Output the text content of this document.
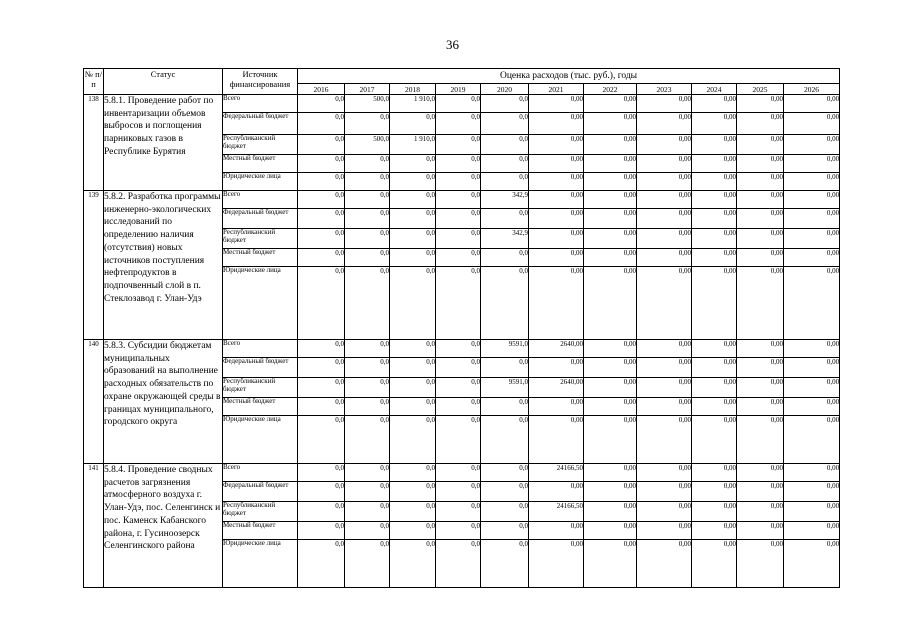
36
№ п/п	Статус	Источник финансирования	Оценка расходов (тыс. руб.), годы										
			2016	2017	2018	2019	2020	2021	2022	2023	2024	2025	2026
138	5.8.1. Проведение работ по инвентаризации объемов выбросов и поглощения парниковых газов в Республике Бурятия	Всего	0,0	500,0	1 910,0	0,0	0,0	0,00	0,00	0,00	0,00	0,00	0,00
		Федеральный бюджет	0,0	0,0	0,0	0,0	0,0	0,00	0,00	0,00	0,00	0,00	0,00
		Республиканский бюджет	0,0	500,0	1 910,0	0,0	0,0	0,00	0,00	0,00	0,00	0,00	0,00
		Местный бюджет	0,0	0,0	0,0	0,0	0,0	0,00	0,00	0,00	0,00	0,00	0,00
		Юридические лица	0,0	0,0	0,0	0,0	0,0	0,00	0,00	0,00	0,00	0,00	0,00
139	5.8.2. Разработка программы инженерно-экологических исследований по определению наличия (отсутствия) новых источников поступления нефтепродуктов в подпочвенный слой в п. Стеклозавод г. Улан-Удэ	Всего	0,0	0,0	0,0	0,0	342,9	0,00	0,00	0,00	0,00	0,00	0,00
		Федеральный бюджет	0,0	0,0	0,0	0,0	0,0	0,00	0,00	0,00	0,00	0,00	0,00
		Республиканский бюджет	0,0	0,0	0,0	0,0	342,9	0,00	0,00	0,00	0,00	0,00	0,00
		Местный бюджет	0,0	0,0	0,0	0,0	0,0	0,00	0,00	0,00	0,00	0,00	0,00
		Юридические лица	0,0	0,0	0,0	0,0	0,0	0,00	0,00	0,00	0,00	0,00	0,00
140	5.8.3. Субсидии бюджетам муниципальных образований на выполнение расходных обязательств по охране окружающей среды в границах муниципального, городского округа	Всего	0,0	0,0	0,0	0,0	9591,0	2640,00	0,00	0,00	0,00	0,00	0,00
		Федеральный бюджет	0,0	0,0	0,0	0,0	0,0	0,00	0,00	0,00	0,00	0,00	0,00
		Республиканский бюджет	0,0	0,0	0,0	0,0	9591,0	2640,00	0,00	0,00	0,00	0,00	0,00
		Местный бюджет	0,0	0,0	0,0	0,0	0,0	0,00	0,00	0,00	0,00	0,00	0,00
		Юридические лица	0,0	0,0	0,0	0,0	0,0	0,00	0,00	0,00	0,00	0,00	0,00
141	5.8.4. Проведение сводных расчетов загрязнения атмосферного воздуха г. Улан-Удэ, пос. Селенгинск и пос. Каменск Кабанского района, г. Гусиноозерск Селенгинского района	Всего	0,0	0,0	0,0	0,0	0,0	24166,50	0,00	0,00	0,00	0,00	0,00
		Федеральный бюджет	0,0	0,0	0,0	0,0	0,0	0,00	0,00	0,00	0,00	0,00	0,00
		Республиканский бюджет	0,0	0,0	0,0	0,0	0,0	24166,50	0,00	0,00	0,00	0,00	0,00
		Местный бюджет	0,0	0,0	0,0	0,0	0,0	0,00	0,00	0,00	0,00	0,00	0,00
		Юридические лица	0,0	0,0	0,0	0,0	0,0	0,00	0,00	0,00	0,00	0,00	0,00
